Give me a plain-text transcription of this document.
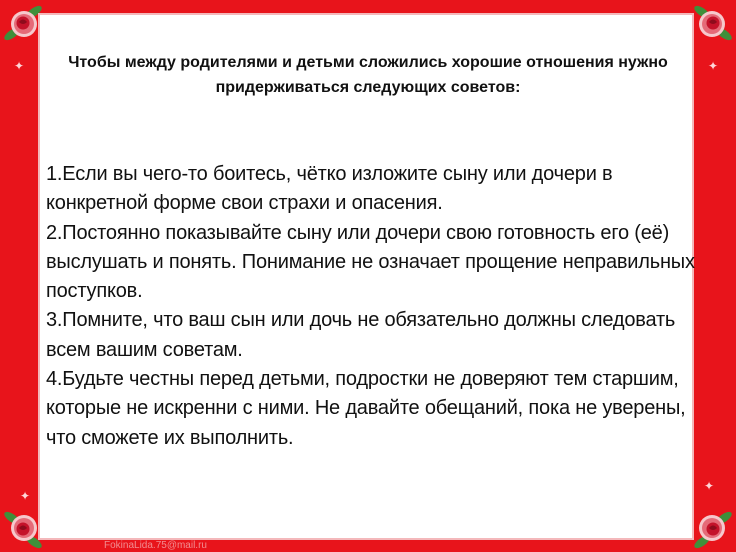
✦
✦
✦
✦
Чтобы между родителями и детьми сложились хорошие отношения нужно придерживаться следующих советов:

1.Если вы чего-то боитесь, чётко изложите сыну или дочери в конкретной форме свои страхи и опасения.

2.Постоянно показывайте сыну или дочери свою готовность его (её) выслушать и понять. Понимание не означает прощение неправильных поступков.

3.Помните, что ваш сын или дочь не обязательно должны следовать всем вашим советам.

4.Будьте честны перед детьми, подростки не доверяют тем старшим, которые не искренни с ними. Не давайте обещаний, пока не уверены, что сможете их выполнить.

FokinaLida.75@mail.ru
